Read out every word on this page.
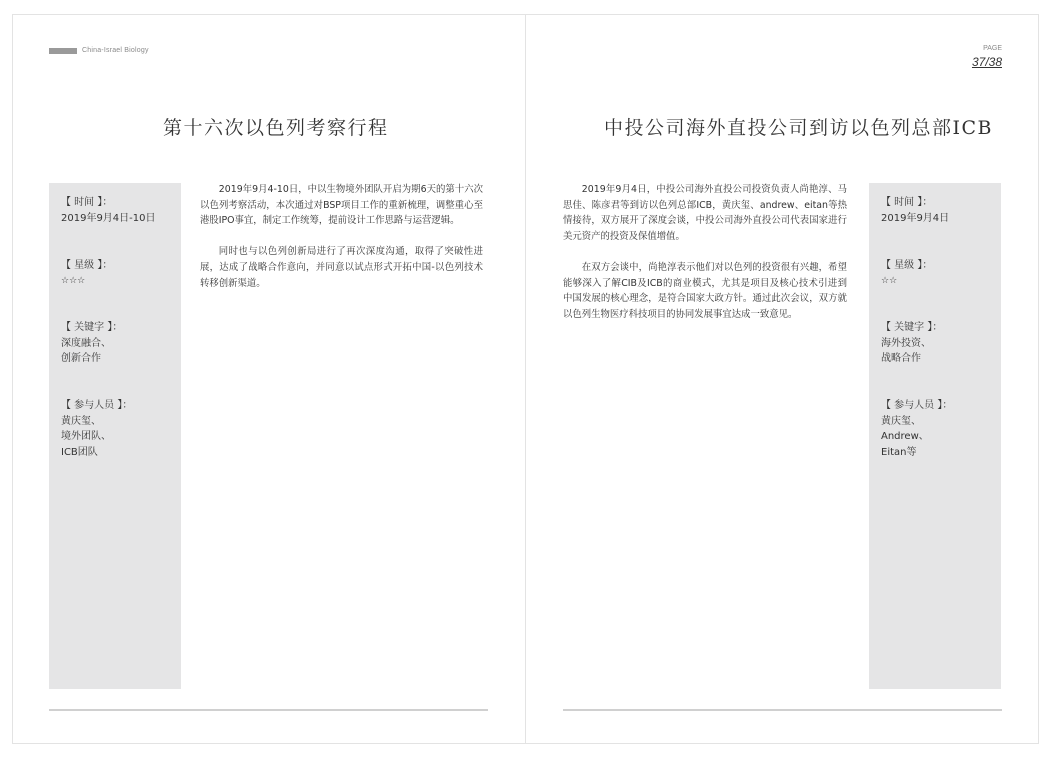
China-Israel Biology	PAGE
37/38
第十六次以色列考察行程
【 时间 】：
2019年9月4日-10日
【 星级 】：
☆☆☆
【 关键字 】：
深度融合、
创新合作
【 参与人员 】：
黄庆玺、
境外团队、
ICB团队

2019年9月4-10日，中以生物境外团队开启为期6天的第十六次以色列考察活动，本次通过对BSP项目工作的重新梳理，调整重心至港股IPO事宜，制定工作统筹，提前设计工作思路与运营逻辑。

同时也与以色列创新局进行了再次深度沟通，取得了突破性进展，达成了战略合作意向，并同意以试点形式开拓中国-以色列技术转移创新渠道。

中投公司海外直投公司到访以色列总部ICB

2019年9月4日，中投公司海外直投公司投资负责人尚艳淳、马思佳、陈彦君等到访以色列总部ICB，黄庆玺、andrew、eitan等热情接待，双方展开了深度会谈，中投公司海外直投公司代表国家进行美元资产的投资及保值增值。

在双方会谈中，尚艳淳表示他们对以色列的投资很有兴趣，希望能够深入了解CIB及ICB的商业模式，尤其是项目及核心技术引进到中国发展的核心理念，是符合国家大政方针。通过此次会议，双方就以色列生物医疗科技项目的协同发展事宜达成一致意见。

【 时间 】：
2019年9月4日
【 星级 】：
☆☆
【 关键字 】：
海外投资、
战略合作
【 参与人员 】：
黄庆玺、
Andrew、
Eitan等
